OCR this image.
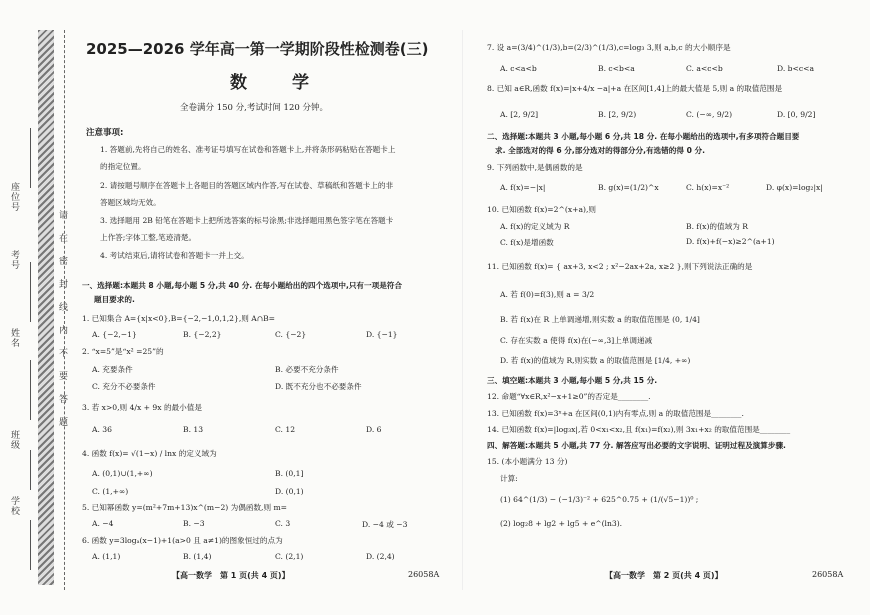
座位号
考号
姓名
班级
学校
请在密封线内不要答题
2025—2026 学年高一第一学期阶段性检测卷(三)
数　学
全卷满分 150 分,考试时间 120 分钟。
注意事项:
1. 答题前,先将自己的姓名、准考证号填写在试卷和答题卡上,并将条形码粘贴在答题卡上
的指定位置。
2. 请按题号顺序在答题卡上各题目的答题区域内作答,写在试卷、草稿纸和答题卡上的非
答题区域均无效。
3. 选择题用 2B 铅笔在答题卡上把所选答案的标号涂黑;非选择题用黑色签字笔在答题卡
上作答;字体工整,笔迹清楚。
4. 考试结束后,请将试卷和答题卡一并上交。
一、选择题:本题共 8 小题,每小题 5 分,共 40 分. 在每小题给出的四个选项中,只有一项是符合
题目要求的.
1. 已知集合 A={x|x<0},B={−2,−1,0,1,2},则 A∩B=
A. {−2,−1}	B. {−2,2}	C. {−2}	D. {−1}
2. “x=5”是“x² =25”的
A. 充要条件	B. 必要不充分条件
C. 充分不必要条件	D. 既不充分也不必要条件
3. 若 x>0,则 4/x + 9x 的最小值是
A. 36	B. 13	C. 12	D. 6
4. 函数 f(x)= √(1−x) / lnx 的定义域为
A. (0,1)∪(1,+∞)	B. (0,1]
C. (1,+∞)	D. (0,1)
5. 已知幂函数 y=(m²+7m+13)x^(m−2) 为偶函数,则 m=
A. −4	B. −3	C. 3	D. −4 或 −3
6. 函数 y=3logₐ(x−1)+1(a>0 且 a≠1)的图象恒过的点为
A. (1,1)	B. (1,4)	C. (2,1)	D. (2,4)
【高一数学　第 1 页(共 4 页)】	26058A
7. 设 a=(3/4)^(1/3),b=(2/3)^(1/3),c=log₃ 3,则 a,b,c 的大小顺序是
A. c<a<b	B. c<b<a	C. a<c<b	D. b<c<a
8. 已知 a∈R,函数 f(x)=|x+4/x −a|+a 在区间[1,4]上的最大值是 5,则 a 的取值范围是
A. [2, 9/2]	B. [2, 9/2)	C. (−∞, 9/2)	D. [0, 9/2]
二、选择题:本题共 3 小题,每小题 6 分,共 18 分. 在每小题给出的选项中,有多项符合题目要
求. 全部选对的得 6 分,部分选对的得部分分,有选错的得 0 分.
9. 下列函数中,是偶函数的是
A. f(x)=−|x|	B. g(x)=(1/2)^x	C. h(x)=x⁻²	D. φ(x)=log₂|x|
10. 已知函数 f(x)=2^(x+a),则
A. f(x)的定义域为 R	B. f(x)的值域为 R
C. f(x)是增函数	D. f(x)+f(−x)≥2^(a+1)
11. 已知函数 f(x)= { ax+3, x<2 ; x²−2ax+2a, x≥2 },则下列说法正确的是
A. 若 f(0)=f(3),则 a = 3/2
B. 若 f(x)在 R 上单调递增,则实数 a 的取值范围是 (0, 1/4]
C. 存在实数 a 使得 f(x)在(−∞,3]上单调递减
D. 若 f(x)的值域为 R,则实数 a 的取值范围是 [1/4, +∞)
三、填空题:本题共 3 小题,每小题 5 分,共 15 分.
12. 命题“∀x∈R,x²−x+1≥0”的否定是________.
13. 已知函数 f(x)=3ˣ+a 在区间(0,1)内有零点,则 a 的取值范围是________.
14. 已知函数 f(x)=|log₃x|,若 0<x₁<x₂,且 f(x₁)=f(x₂),则 3x₁+x₂ 的取值范围是________
四、解答题:本题共 5 小题,共 77 分. 解答应写出必要的文字说明、证明过程及演算步骤.
15. (本小题满分 13 分)
计算:
(1) 64^(1/3) − (−1/3)⁻² + 625^0.75 + (1/(√5−1))⁰ ;
(2) log₂8 + lg2 + lg5 + e^(ln3).
【高一数学　第 2 页(共 4 页)】	26058A
